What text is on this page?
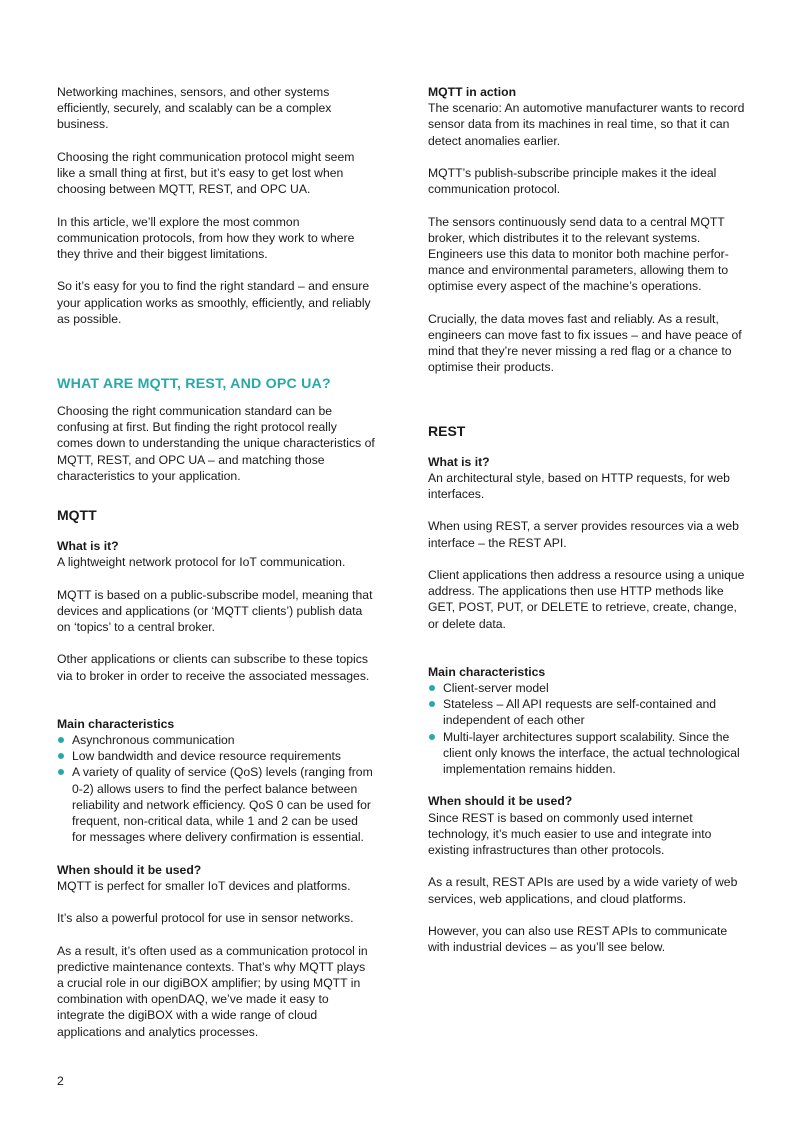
Networking machines, sensors, and other systems efficiently, securely, and scalably can be a complex business.

Choosing the right communication protocol might seem like a small thing at first, but it’s easy to get lost when choosing between MQTT, REST, and OPC UA.

In this article, we’ll explore the most common communication protocols, from how they work to where they thrive and their biggest limitations.

So it’s easy for you to find the right standard – and ensure your application works as smoothly, efficiently, and reliably as possible.

WHAT ARE MQTT, REST, AND OPC UA?

Choosing the right communication standard can be confusing at first. But finding the right protocol really comes down to understanding the unique characteristics of MQTT, REST, and OPC UA – and matching those characteristics to your application.

MQTT

What is it?

A lightweight network protocol for IoT communication.

MQTT is based on a public-subscribe model, meaning that devices and applications (or ‘MQTT clients’) publish data on ‘topics’ to a central broker.

Other applications or clients can subscribe to these topics via to broker in order to receive the associated messages.

Main characteristics

Asynchronous communication
Low bandwidth and device resource requirements
A variety of quality of service (QoS) levels (ranging from 0-2) allows users to find the perfect balance between reliability and network efficiency. QoS 0 can be used for frequent, non-critical data, while 1 and 2 can be used for messages where delivery confirmation is essential.

When should it be used?

MQTT is perfect for smaller IoT devices and platforms.

It’s also a powerful protocol for use in sensor networks.

As a result, it’s often used as a communication protocol in predictive maintenance contexts. That’s why MQTT plays a crucial role in our digiBOX amplifier; by using MQTT in combination with openDAQ, we’ve made it easy to integrate the digiBOX with a wide range of cloud applications and analytics processes.

MQTT in action

The scenario: An automotive manufacturer wants to record sensor data from its machines in real time, so that it can detect anomalies earlier.

MQTT’s publish-subscribe principle makes it the ideal communication protocol.

The sensors continuously send data to a central MQTT broker, which distributes it to the relevant systems. Engineers use this data to monitor both machine perfor-mance and environmental parameters, allowing them to optimise every aspect of the machine’s operations.

Crucially, the data moves fast and reliably. As a result, engineers can move fast to fix issues – and have peace of mind that they’re never missing a red flag or a chance to optimise their products.

REST

What is it?

An architectural style, based on HTTP requests, for web interfaces.

When using REST, a server provides resources via a web interface – the REST API.

Client applications then address a resource using a unique address. The applications then use HTTP methods like GET, POST, PUT, or DELETE to retrieve, create, change, or delete data.

Main characteristics

Client-server model
Stateless – All API requests are self-contained and independent of each other
Multi-layer architectures support scalability. Since the client only knows the interface, the actual technological implementation remains hidden.

When should it be used?

Since REST is based on commonly used internet technology, it’s much easier to use and integrate into existing infrastructures than other protocols.

As a result, REST APIs are used by a wide variety of web services, web applications, and cloud platforms.

However, you can also use REST APIs to communicate with industrial devices – as you’ll see below.

2
